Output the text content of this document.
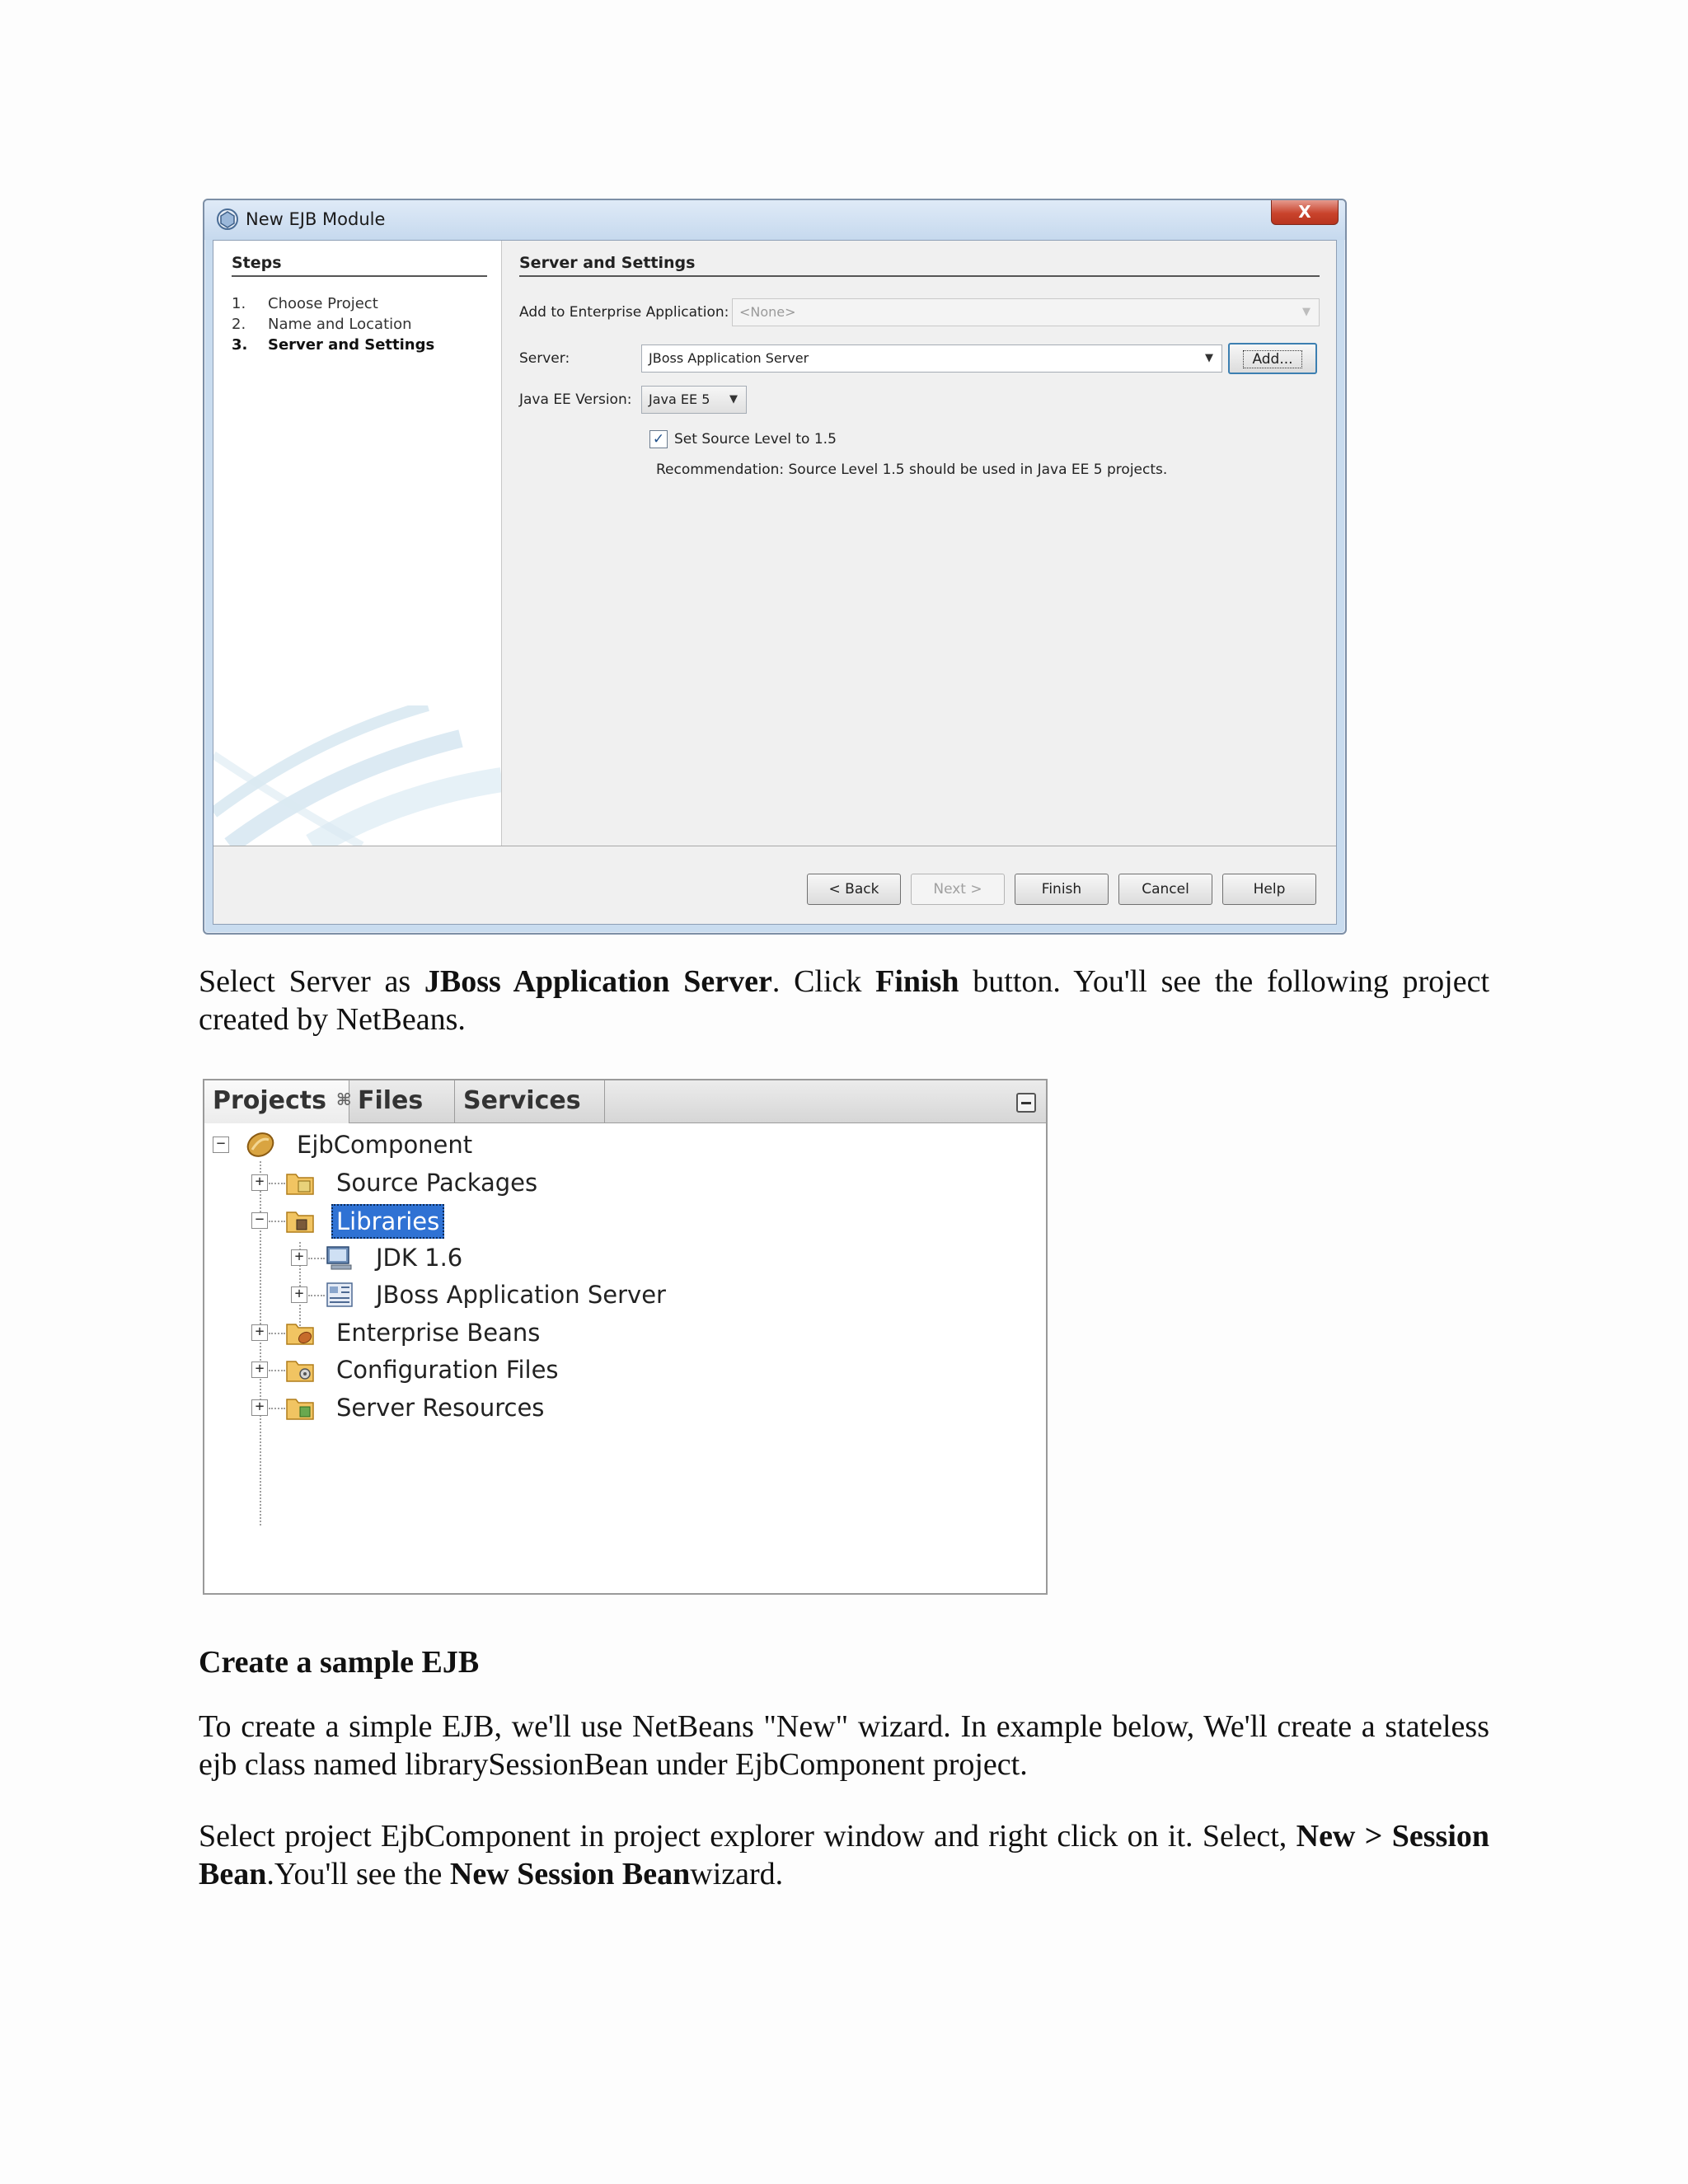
New EJB Module	X
Steps
1. Choose Project
2. Name and Location
3. Server and Settings
Server and Settings
Add to Enterprise Application: <None>	▼
Server:	JBoss Application Server	▼	Add...
Java EE Version:	Java EE 5 ▼
✓ Set Source Level to 1.5
Recommendation: Source Level 1.5 should be used in Java EE 5 projects.
< Back	Next >	Finish	Cancel	Help

Select Server as JBoss Application Server. Click Finish button. You'll see the following project created by NetBeans.

Projects ⌘ Files	Services
−	EjbComponent
+	Source Packages
−	Libraries
+	JDK 1.6
+	JBoss Application Server
+	Enterprise Beans
+	Configuration Files
+	Server Resources
Create a sample EJB

To create a simple EJB, we'll use NetBeans "New" wizard. In example below, We'll create a stateless ejb class named librarySessionBean under EjbComponent project.

Select project EjbComponent in project explorer window and right click on it. Select, New > Session Bean.You'll see the New Session Beanwizard.
